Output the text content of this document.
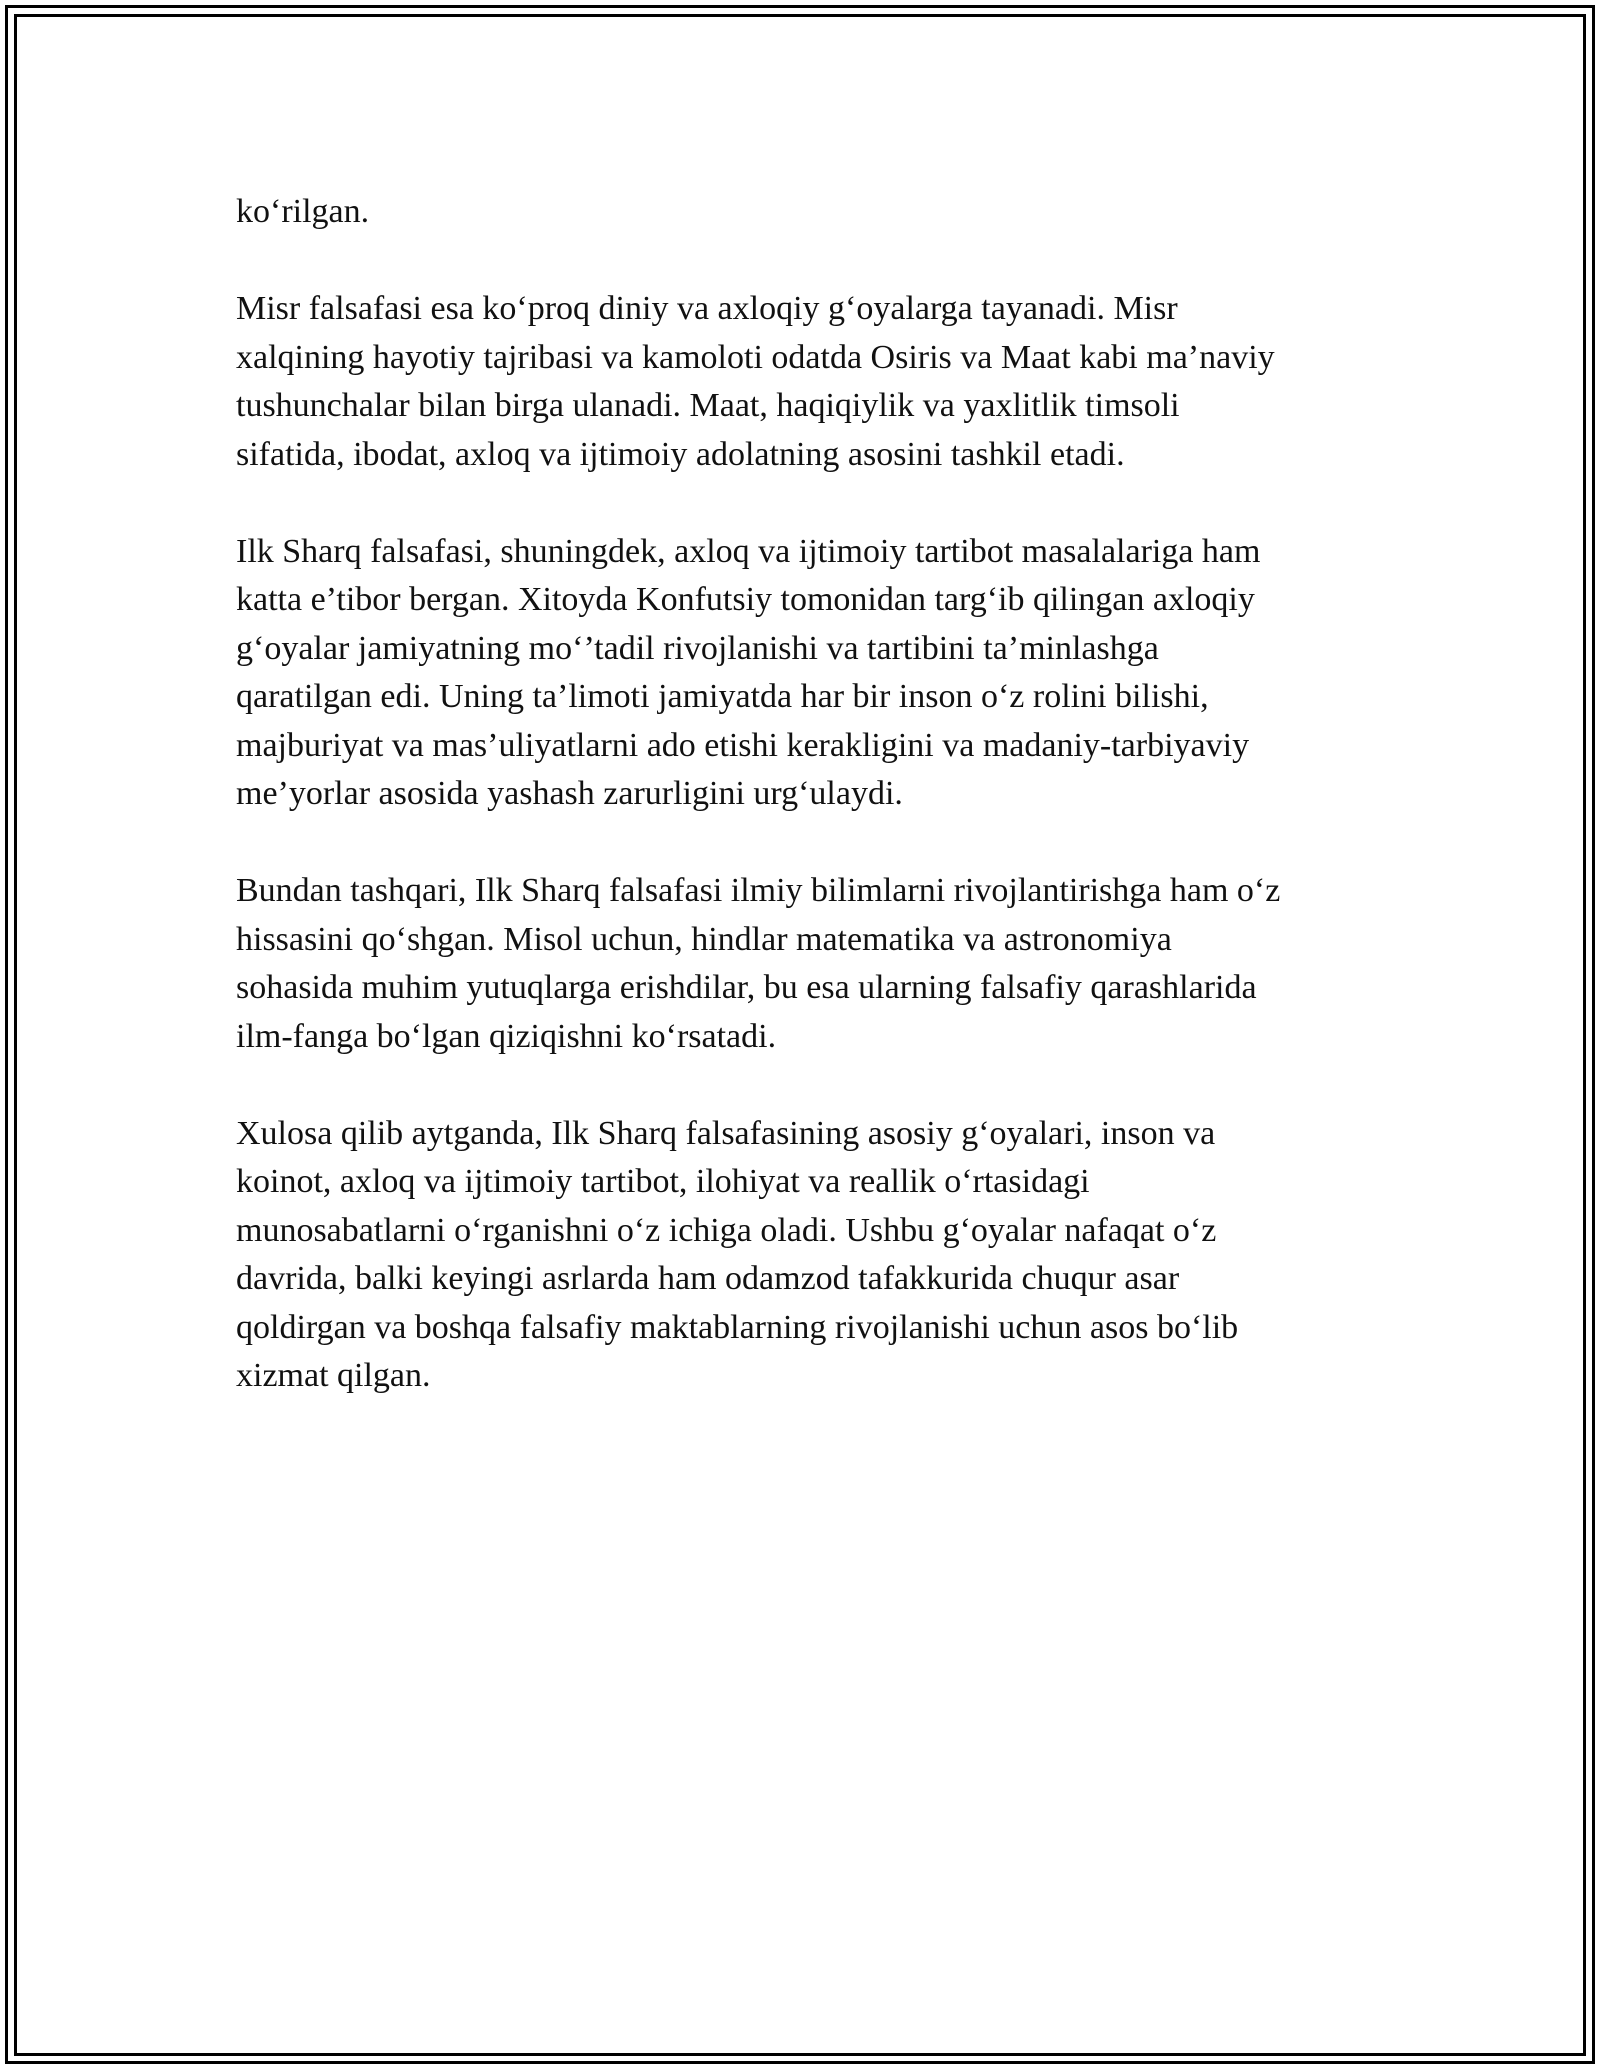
ko‘rilgan.

Misr falsafasi esa ko‘proq diniy va axloqiy g‘oyalarga tayanadi. Misr
xalqining hayotiy tajribasi va kamoloti odatda Osiris va Maat kabi ma’naviy
tushunchalar bilan birga ulanadi. Maat, haqiqiylik va yaxlitlik timsoli
sifatida, ibodat, axloq va ijtimoiy adolatning asosini tashkil etadi.

Ilk Sharq falsafasi, shuningdek, axloq va ijtimoiy tartibot masalalariga ham
katta e’tibor bergan. Xitoyda Konfutsiy tomonidan targ‘ib qilingan axloqiy
g‘oyalar jamiyatning mo‘’tadil rivojlanishi va tartibini ta’minlashga
qaratilgan edi. Uning ta’limoti jamiyatda har bir inson o‘z rolini bilishi,
majburiyat va mas’uliyatlarni ado etishi kerakligini va madaniy-tarbiyaviy
me’yorlar asosida yashash zarurligini urg‘ulaydi.

Bundan tashqari, Ilk Sharq falsafasi ilmiy bilimlarni rivojlantirishga ham o‘z
hissasini qo‘shgan. Misol uchun, hindlar matematika va astronomiya
sohasida muhim yutuqlarga erishdilar, bu esa ularning falsafiy qarashlarida
ilm-fanga bo‘lgan qiziqishni ko‘rsatadi.

Xulosa qilib aytganda, Ilk Sharq falsafasining asosiy g‘oyalari, inson va
koinot, axloq va ijtimoiy tartibot, ilohiyat va reallik o‘rtasidagi
munosabatlarni o‘rganishni o‘z ichiga oladi. Ushbu g‘oyalar nafaqat o‘z
davrida, balki keyingi asrlarda ham odamzod tafakkurida chuqur asar
qoldirgan va boshqa falsafiy maktablarning rivojlanishi uchun asos bo‘lib
xizmat qilgan.
